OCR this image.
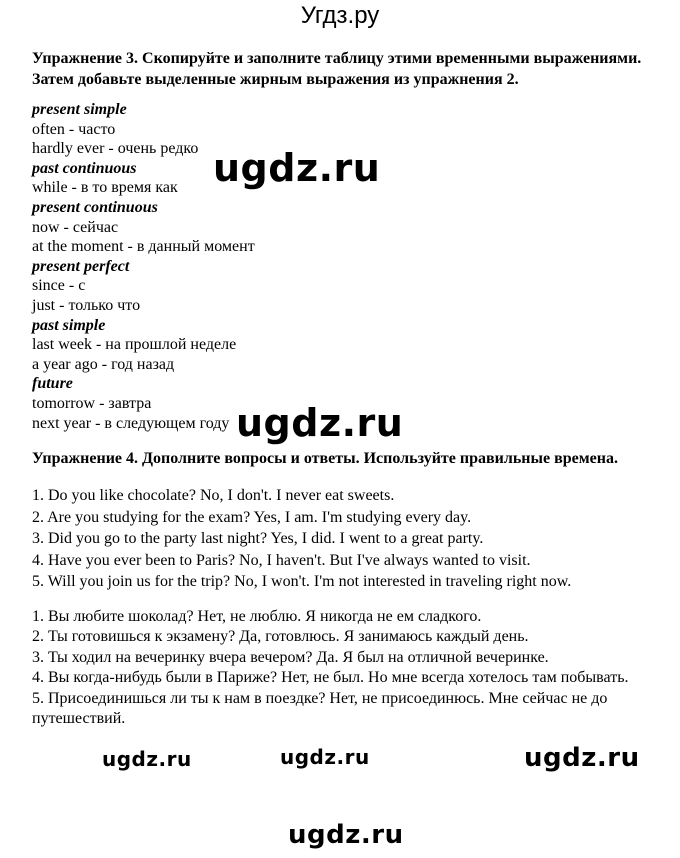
Угдз.ру

Упражнение 3. Скопируйте и заполните таблицу этими временными выражениями. Затем добавьте выделенные жирным выражения из упражнения 2.

present simple
often - часто
hardly ever - очень редко
past continuous
while - в то время как
present continuous
now - сейчас
at the moment - в данный момент
present perfect
since - с
just - только что
past simple
last week - на прошлой неделе
a year ago - год назад
future
tomorrow - завтра
next year - в следующем году

Упражнение 4. Дополните вопросы и ответы. Используйте правильные времена.

1. Do you like chocolate? No, I don't. I never eat sweets.
2. Are you studying for the exam? Yes, I am. I'm studying every day.
3. Did you go to the party last night? Yes, I did. I went to a great party.
4. Have you ever been to Paris? No, I haven't. But I've always wanted to visit.
5. Will you join us for the trip? No, I won't. I'm not interested in traveling right now.
1. Вы любите шоколад? Нет, не люблю. Я никогда не ем сладкого.
2. Ты готовишься к экзамену? Да, готовлюсь. Я занимаюсь каждый день.
3. Ты ходил на вечеринку вчера вечером? Да. Я был на отличной вечеринке.
4. Вы когда-нибудь были в Париже? Нет, не был. Но мне всегда хотелось там побывать.
5. Присоединишься ли ты к нам в поездке? Нет, не присоединюсь. Мне сейчас не до путешествий.
ugdz.ru
ugdz.ru
ugdz.ru	ugdz.ru	ugdz.ru
ugdz.ru
